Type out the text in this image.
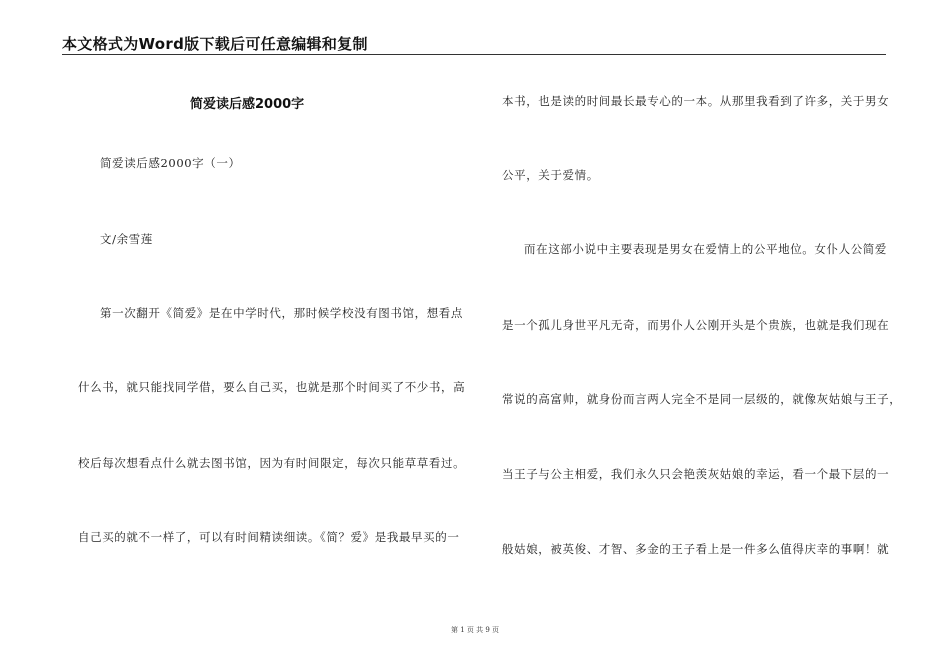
本文格式为Word版下载后可任意编辑和复制
简爱读后感2000字
简爱读后感2000字（一）
文/余雪莲
第一次翻开《简爱》是在中学时代，那时候学校没有图书馆，想看点
什么书，就只能找同学借，要么自己买，也就是那个时间买了不少书，高
校后每次想看点什么就去图书馆，因为有时间限定，每次只能草草看过。
自己买的就不一样了，可以有时间精读细读。《简？爱》是我最早买的一
本书，也是读的时间最长最专心的一本。从那里我看到了许多，关于男女
公平，关于爱情。
而在这部小说中主要表现是男女在爱情上的公平地位。女仆人公简爱
是一个孤儿身世平凡无奇，而男仆人公刚开头是个贵族，也就是我们现在
常说的高富帅，就身份而言两人完全不是同一层级的，就像灰姑娘与王子，
当王子与公主相爱，我们永久只会艳羡灰姑娘的幸运，看一个最下层的一
般姑娘，被英俊、才智、多金的王子看上是一件多么值得庆幸的事啊！就
第 1 页 共 9 页
